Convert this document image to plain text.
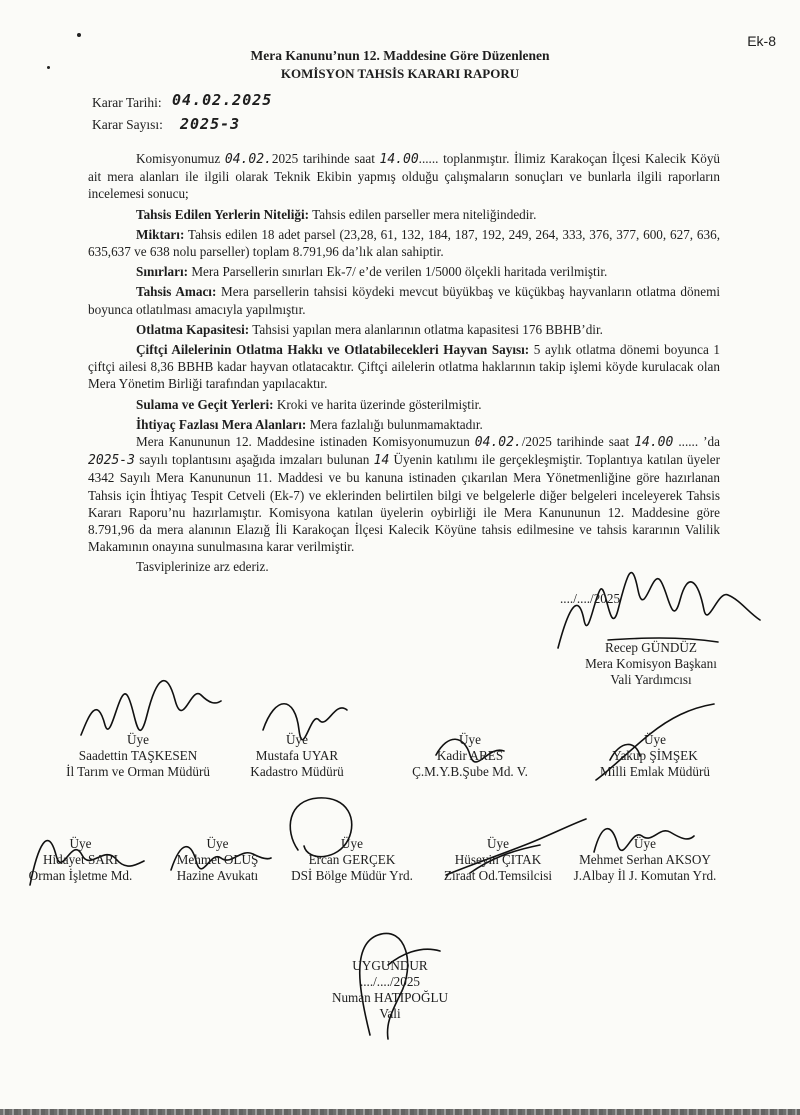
Ek-8
Mera Kanunu’nun 12. Maddesine Göre Düzenlenen
KOMİSYON TAHSİS KARARI RAPORU
Karar Tarihi: 04.02.2025
Karar Sayısı: 2025-3

Komisyonumuz 04.02.2025 tarihinde saat 14.00...... toplanmıştır. İlimiz Karakoçan İlçesi Kalecik Köyü ait mera alanları ile ilgili olarak Teknik Ekibin yapmış olduğu çalışmaların sonuçları ve bunlarla ilgili raporların incelemesi sonucu;

Tahsis Edilen Yerlerin Niteliği: Tahsis edilen parseller mera niteliğindedir.

Miktarı: Tahsis edilen 18 adet parsel (23,28, 61, 132, 184, 187, 192, 249, 264, 333, 376, 377, 600, 627, 636, 635,637 ve 638 nolu parseller) toplam 8.791,96 da’lık alan sahiptir.

Sınırları: Mera Parsellerin sınırları Ek-7/ e’de verilen 1/5000 ölçekli haritada verilmiştir.

Tahsis Amacı: Mera parsellerin tahsisi köydeki mevcut büyükbaş ve küçükbaş hayvanların otlatma dönemi boyunca otlatılması amacıyla yapılmıştır.

Otlatma Kapasitesi: Tahsisi yapılan mera alanlarının otlatma kapasitesi 176 BBHB’dir.

Çiftçi Ailelerinin Otlatma Hakkı ve Otlatabilecekleri Hayvan Sayısı: 5 aylık otlatma dönemi boyunca 1 çiftçi ailesi 8,36 BBHB kadar hayvan otlatacaktır. Çiftçi ailelerin otlatma haklarının takip işlemi köyde kurulacak olan Mera Yönetim Birliği tarafından yapılacaktır.

Sulama ve Geçit Yerleri: Kroki ve harita üzerinde gösterilmiştir.

İhtiyaç Fazlası Mera Alanları: Mera fazlalığı bulunmamaktadır.

Mera Kanununun 12. Maddesine istinaden Komisyonumuzun 04.02./2025 tarihinde saat 14.00 ...... ’da 2025-3 sayılı toplantısını aşağıda imzaları bulunan 14 Üyenin katılımı ile gerçekleşmiştir. Toplantıya katılan üyeler 4342 Sayılı Mera Kanununun 11. Maddesi ve bu kanuna istinaden çıkarılan Mera Yönetmenliğine göre hazırlanan Tahsis için İhtiyaç Tespit Cetveli (Ek-7) ve eklerinden belirtilen bilgi ve belgelerle diğer belgeleri inceleyerek Tahsis Kararı Raporu’nu hazırlamıştır. Komisyona katılan üyelerin oybirliği ile Mera Kanununun 12. Maddesine göre 8.791,96 da mera alanının Elazığ İli Karakoçan İlçesi Kalecik Köyüne tahsis edilmesine ve tahsis kararının Valilik Makamının onayına sunulmasına karar verilmiştir.

Tasviplerinize arz ederiz.

..../..../2025
Recep GÜNDÜZ
Mera Komisyon Başkanı
Vali Yardımcısı
Üye
Saadettin TAŞKESEN
İl Tarım ve Orman Müdürü
Üye
Mustafa UYAR
Kadastro Müdürü
Üye
Kadir ARES
Ç.M.Y.B.Şube Md. V.
Üye
Yakup ŞİMŞEK
Milli Emlak Müdürü
Üye
Hidayet SARI
Orman İşletme Md.
Üye
Mehmet OLUŞ
Hazine Avukatı
Üye
Ercan GERÇEK
DSİ Bölge Müdür Yrd.
Üye
Hüseyin ÇITAK
Ziraat Od.Temsilcisi
Üye
Mehmet Serhan AKSOY
J.Albay İl J. Komutan Yrd.
UYGUNDUR
..../..../2025
Numan HATİPOĞLU
Vali
